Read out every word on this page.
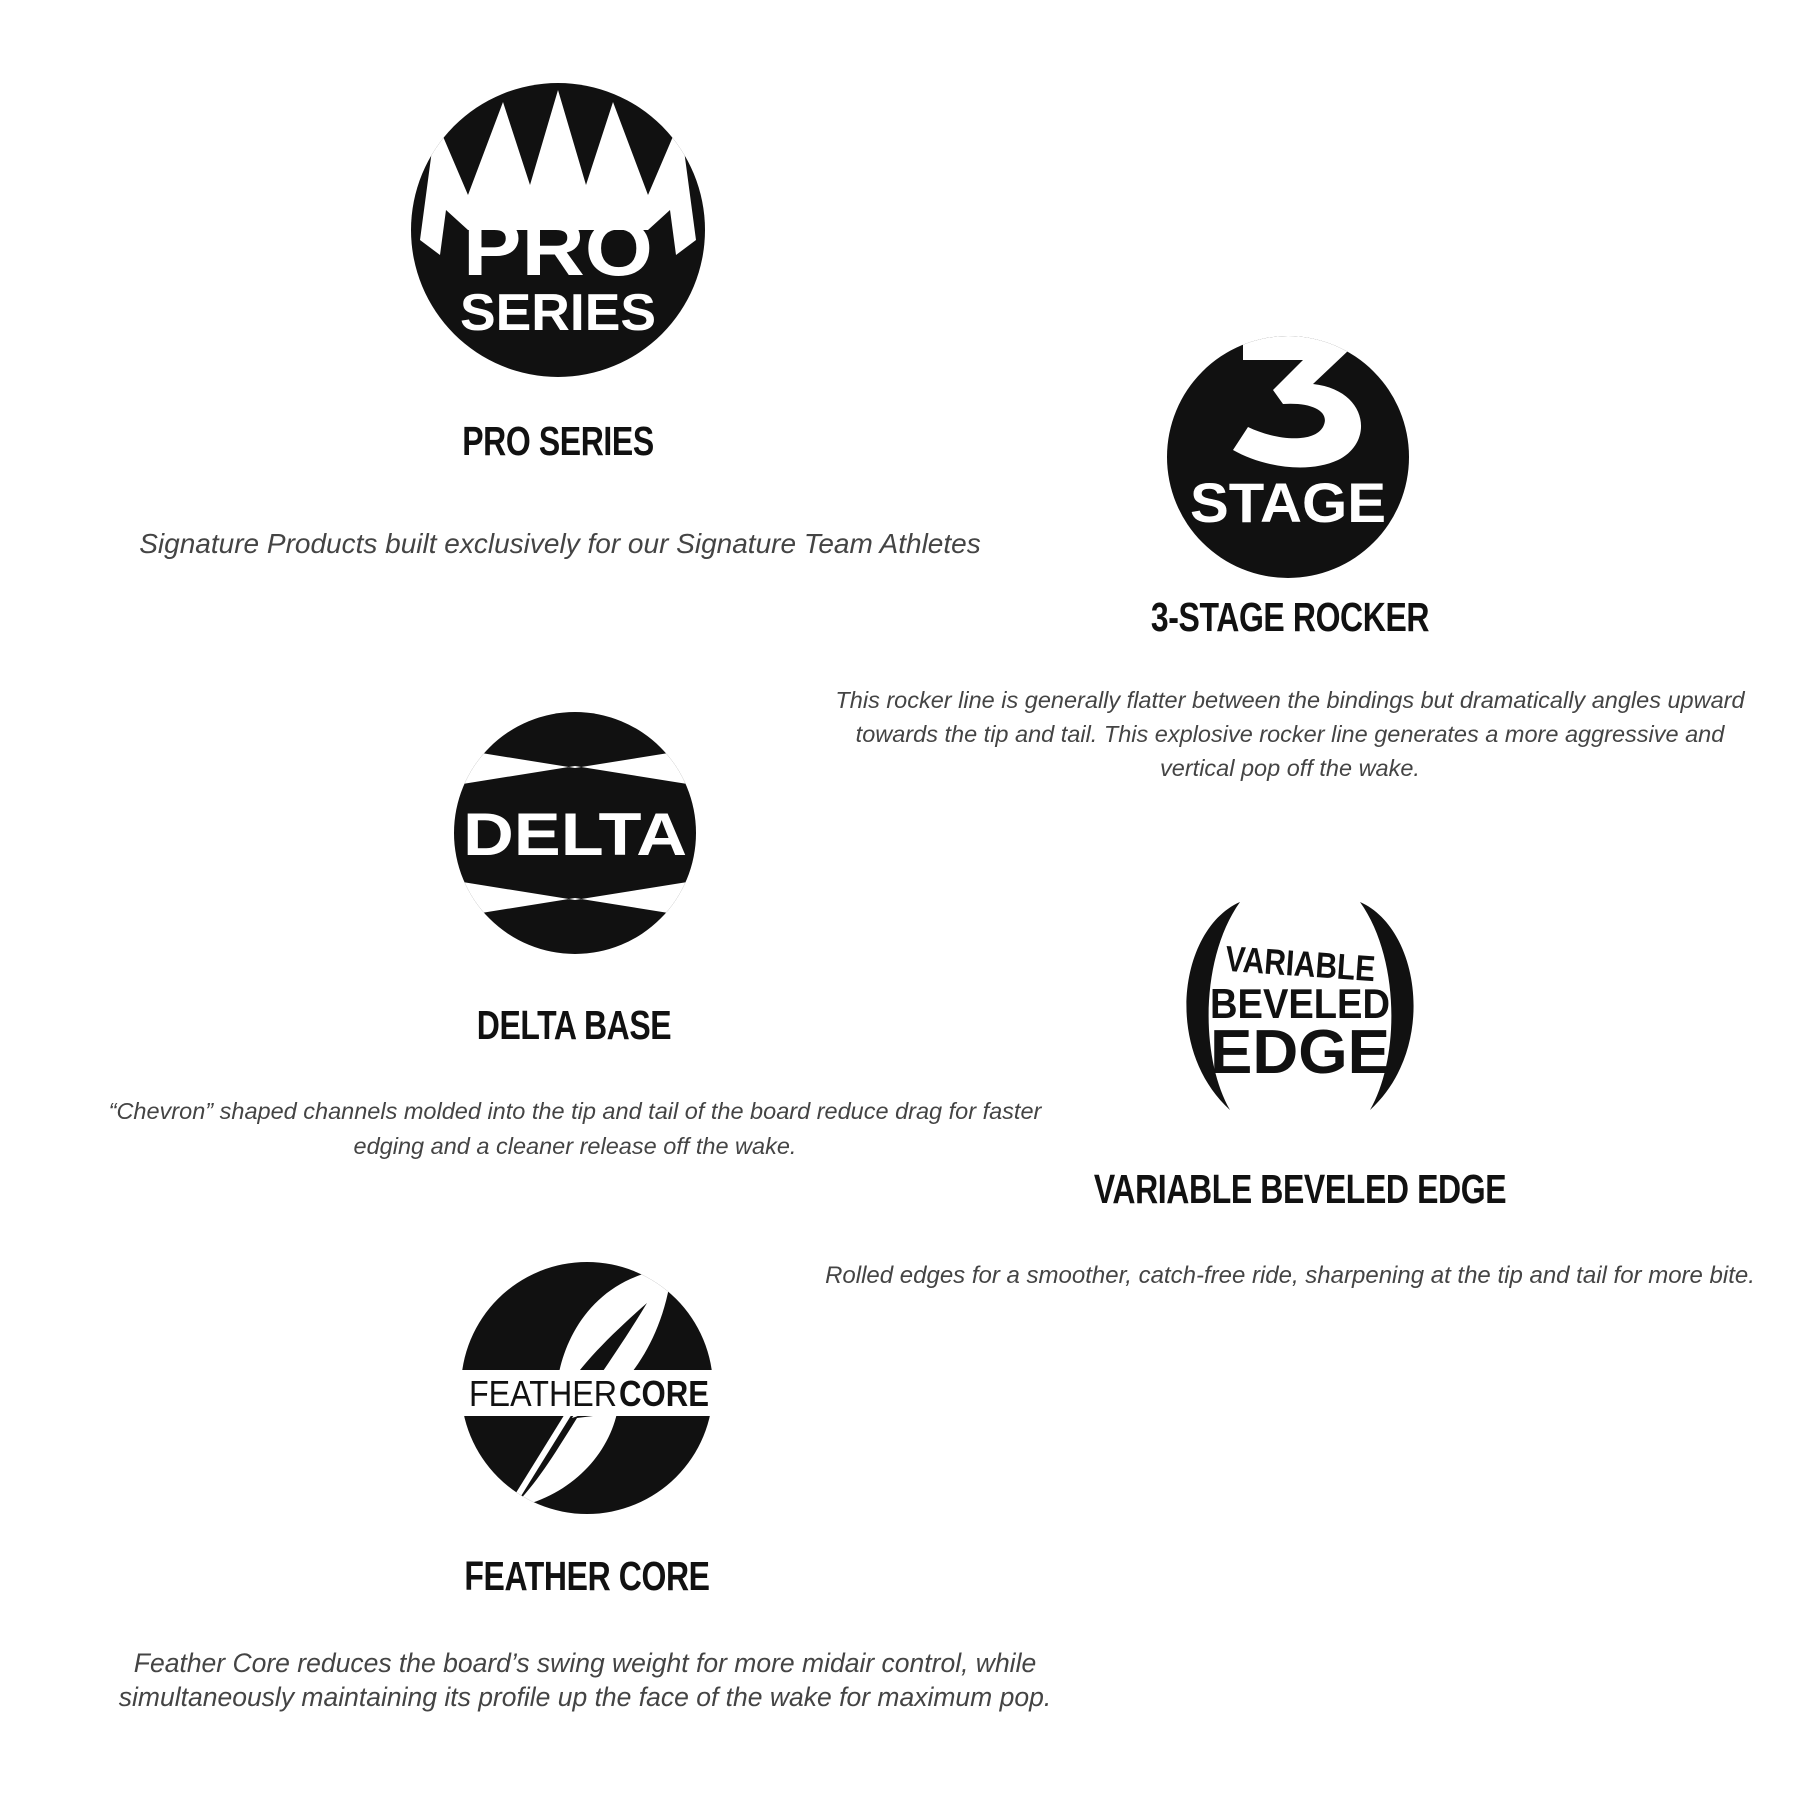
PRO
SERIES
PRO SERIES

Signature Products built exclusively for our Signature Team Athletes

STAGE
3-STAGE ROCKER

This rocker line is generally flatter between the bindings but dramatically angles upward
towards the tip and tail. This explosive rocker line generates a more aggressive and
vertical pop off the wake.

DELTA
DELTA BASE

“Chevron” shaped channels molded into the tip and tail of the board reduce drag for faster
edging and a cleaner release off the wake.

VARIABLE
BEVELED
EDGE
VARIABLE BEVELED EDGE

Rolled edges for a smoother, catch-free ride, sharpening at the tip and tail for more bite.

FEATHER CORE
FEATHER CORE

Feather Core reduces the board’s swing weight for more midair control, while
simultaneously maintaining its profile up the face of the wake for maximum pop.
